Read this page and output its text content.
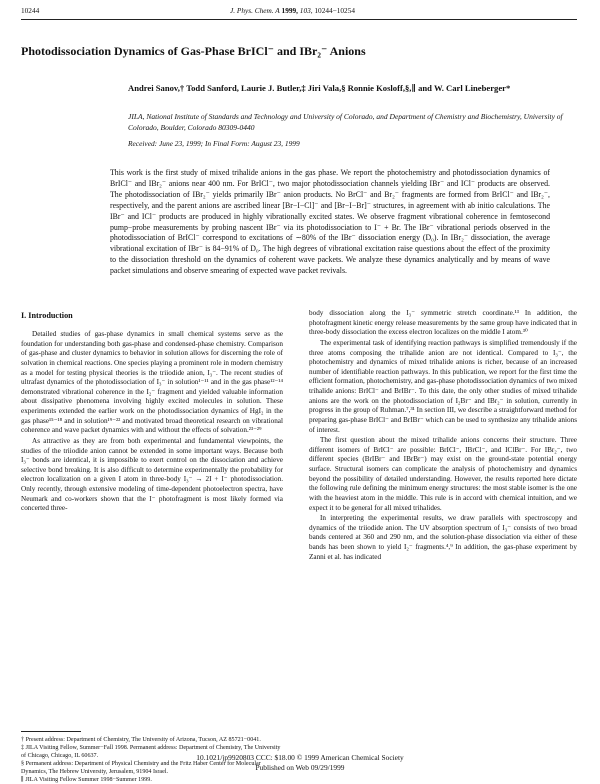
10244	J. Phys. Chem. A 1999, 103, 10244−10254
Photodissociation Dynamics of Gas-Phase BrICl⁻ and IBr₂⁻ Anions
Andrei Sanov,† Todd Sanford, Laurie J. Butler,‡ Jiri Vala,§ Ronnie Kosloff,§,∥ and W. Carl Lineberger*
JILA, National Institute of Standards and Technology and University of Colorado, and Department of Chemistry and Biochemistry, University of Colorado, Boulder, Colorado 80309-0440
Received: June 23, 1999; In Final Form: August 23, 1999
This work is the first study of mixed trihalide anions in the gas phase. We report the photochemistry and photodissociation dynamics of BrICl⁻ and IBr₂⁻ anions near 400 nm. For BrICl⁻, two major photodissociation channels yielding IBr⁻ and ICl⁻ products are observed. The photodissociation of IBr₂⁻ yields primarily IBr⁻ anion products. No BrCl⁻ and Br₂⁻ fragments are formed from BrICl⁻ and IBr₂⁻, respectively, and the parent anions are ascribed linear [Br−I−Cl]⁻ and [Br−I−Br]⁻ structures, in agreement with ab initio calculations. The IBr⁻ and ICl⁻ products are produced in highly vibrationally excited states. We observe fragment vibrational coherence in femtosecond pump−probe measurements by probing nascent IBr⁻ via its photodissociation to I⁻ + Br. The IBr⁻ vibrational periods observed in the photodissociation of BrICl⁻ correspond to excitations of ∼80% of the IBr⁻ dissociation energy (D₀). In IBr₂⁻ dissociation, the average vibrational excitation of IBr⁻ is 84−91% of D₀. The high degrees of vibrational excitation raise questions about the effect of the proximity to the dissociation threshold on the dynamics of coherent wave packets. We analyze these dynamics analytically and by means of wave packet simulations and observe smearing of expected wave packet revivals.
I. Introduction

Detailed studies of gas-phase dynamics in small chemical systems serve as the foundation for understanding both gas-phase and condensed-phase chemistry. Comparison of gas-phase and cluster dynamics to behavior in solution allows for discerning the role of solvation in chemical reactions. One species playing a prominent role in modern chemistry as a model for testing physical theories is the triiodide anion, I₃⁻. The recent studies of ultrafast dynamics of the photodissociation of I₃⁻ in solution¹⁻¹¹ and in the gas phase¹²⁻¹⁴ demonstrated vibrational coherence in the I₂⁻ fragment and yielded valuable information about dissipative phenomena involving highly excited molecules in solution. These experiments extended the earlier work on the photodissociation dynamics of HgI₂ in the gas phase¹⁵⁻¹⁸ and in solution¹⁹⁻²² and motivated broad theoretical research on vibrational coherence and wave packet dynamics with and without the effects of solvation.²³⁻²⁹

As attractive as they are from both experimental and fundamental viewpoints, the studies of the triiodide anion cannot be extended in some important ways. Because both I₃⁻ bonds are identical, it is impossible to exert control on the dissociation and achieve selective bond breaking. It is also difficult to determine experimentally the probability for electron localization on a given I atom in three-body I₃⁻ → 2I + I⁻ photodissociation. Only recently, through extensive modeling of time-dependent photoelectron spectra, have Neumark and co-workers shown that the I⁻ photofragment is most likely formed via concerted three-

body dissociation along the I₃⁻ symmetric stretch coordinate.¹³ In addition, the photofragment kinetic energy release measurements by the same group have indicated that in three-body dissociation the excess electron localizes on the middle I atom.³⁰

The experimental task of identifying reaction pathways is simplified tremendously if the three atoms composing the trihalide anion are not identical. Compared to I₃⁻, the photochemistry and dynamics of mixed trihalide anions is richer, because of an increased number of identifiable reaction pathways. In this publication, we report for the first time the efficient formation, photochemistry, and gas-phase photodissociation dynamics of two mixed trihalide anions: BrICl⁻ and BrIBr⁻. To this date, the only other studies of mixed trihalide anions are the work on the photodissociation of I₂Br⁻ and IBr₂⁻ in solution, currently in progress in the group of Ruhman.⁷,³¹ In section III, we describe a straightforward method for preparing gas-phase BrICl⁻ and BrIBr⁻ which can be used to synthesize any trihalide anions of interest.

The first question about the mixed trihalide anions concerns their structure. Three different isomers of BrICl⁻ are possible: BrICl⁻, IBrCl⁻, and IClBr⁻. For IBr₂⁻, two different species (BrIBr⁻ and IBrBr⁻) may exist on the ground-state potential energy surface. Structural isomers can complicate the analysis of photochemistry and dynamics beyond the possibility of detailed understanding. However, the results reported here dictate the following rule defining the minimum energy structures: the most stable isomer is the one with the heaviest atom in the middle. This rule is in accord with chemical intuition, and we expect it to be general for all mixed trihalides.

In interpreting the experimental results, we draw parallels with spectroscopy and dynamics of the triiodide anion. The UV absorption spectrum of I₃⁻ consists of two broad bands centered at 360 and 290 nm, and the solution-phase dissociation via either of these bands has been shown to yield I₂⁻ fragments.⁴,⁹ In addition, the gas-phase experiment by Zanni et al. has indicated

† Present address: Department of Chemistry, The University of Arizona, Tucson, AZ 85721−0041.

‡ JILA Visiting Fellow, Summer−Fall 1998. Permanent address: Department of Chemistry, The University of Chicago, Chicago, IL 60637.

§ Permanent address: Department of Physical Chemistry and the Fritz Haber Center for Molecular Dynamics, The Hebrew University, Jerusalem, 91904 Israel.

∥ JILA Visiting Fellow Summer 1998−Summer 1999.

10.1021/jp9920803 CCC: $18.00 © 1999 American Chemical Society
Published on Web 09/29/1999
